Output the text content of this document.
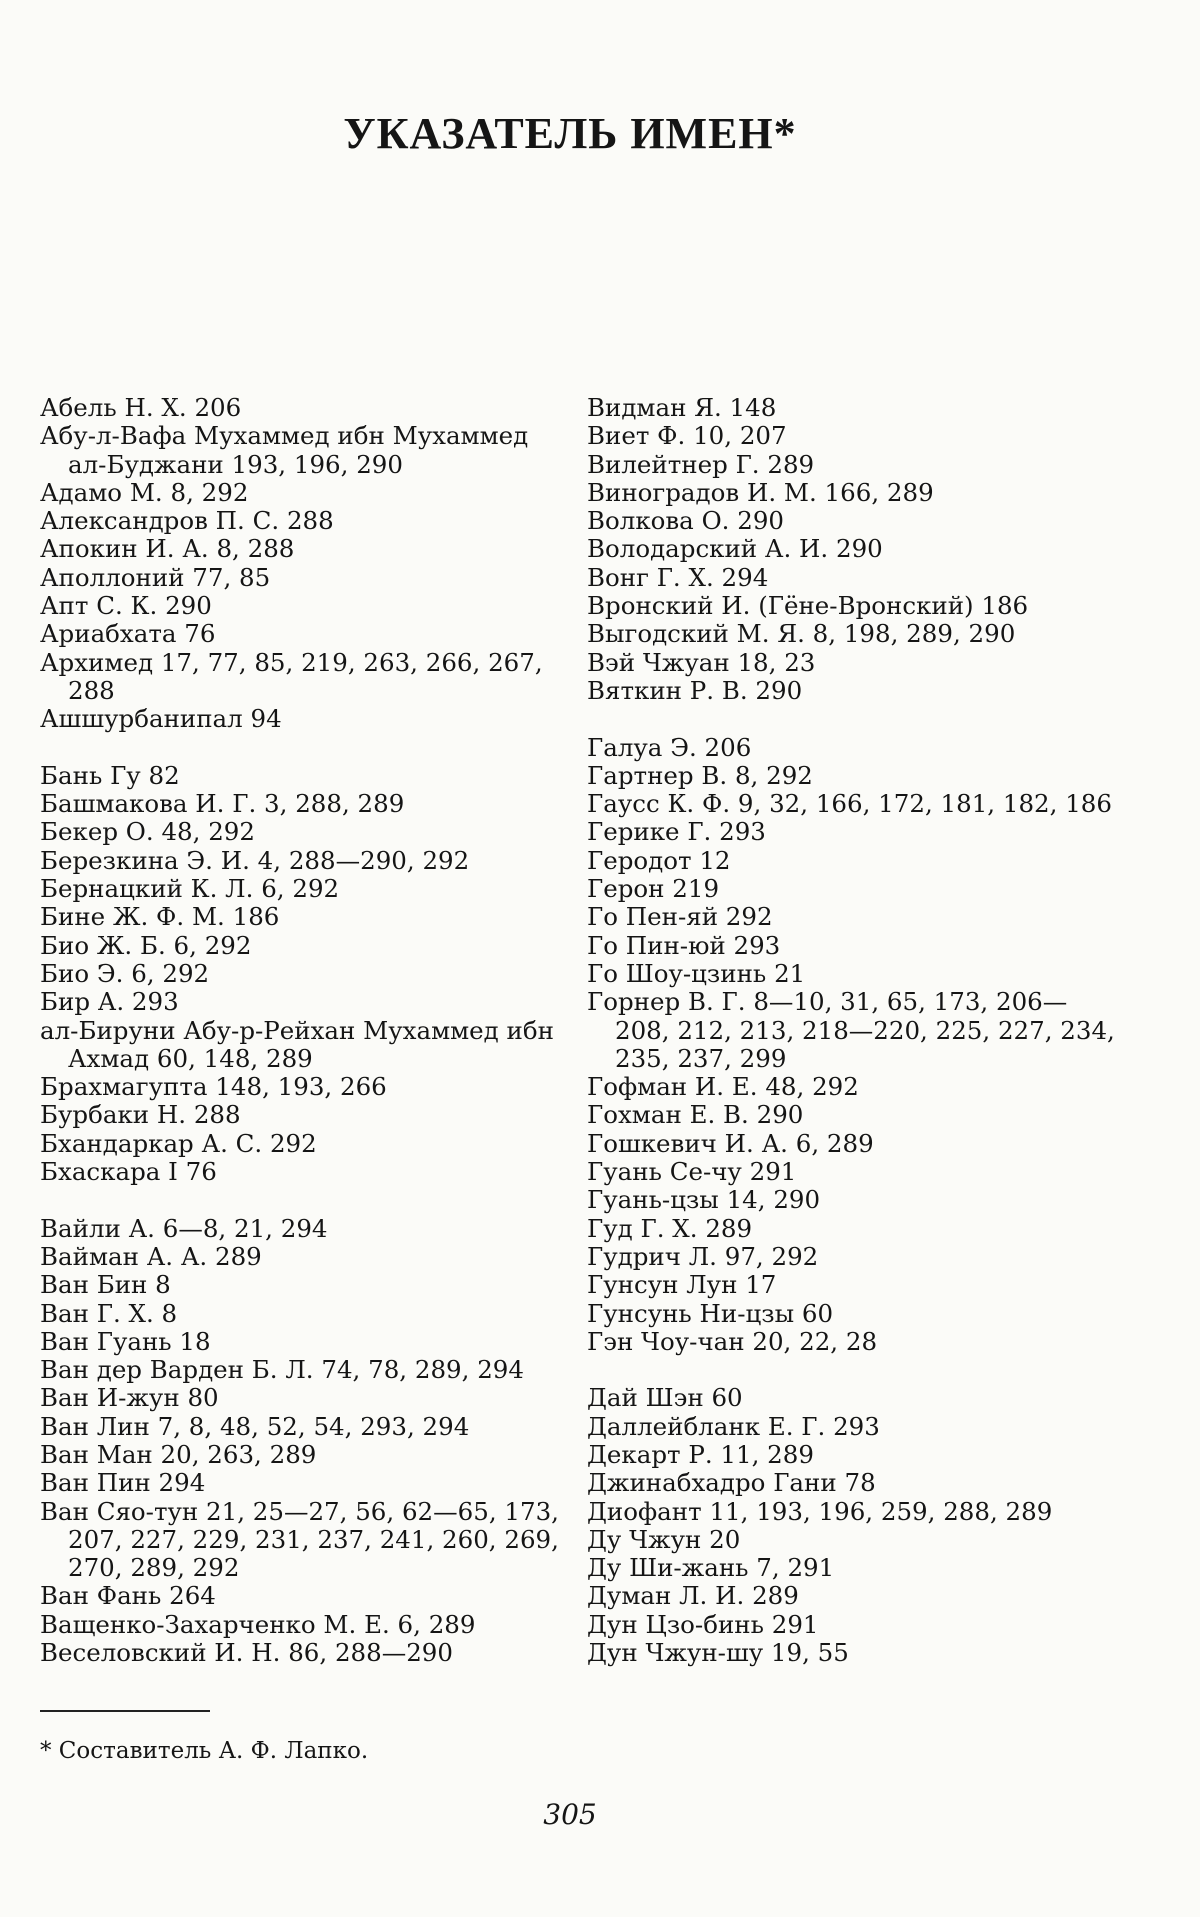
УКАЗАТЕЛЬ ИМЕН*
Абель Н. Х. 206
Абу-л-Вафа Мухаммед ибн Мухаммед ал-Буджани 193, 196, 290
Адамо М. 8, 292
Александров П. С. 288
Апокин И. А. 8, 288
Аполлоний 77, 85
Апт С. К. 290
Ариабхата 76
Архимед 17, 77, 85, 219, 263, 266, 267, 288
Ашшурбанипал 94
Бань Гу 82
Башмакова И. Г. 3, 288, 289
Бекер О. 48, 292
Березкина Э. И. 4, 288—290, 292
Бернацкий К. Л. 6, 292
Бине Ж. Ф. М. 186
Био Ж. Б. 6, 292
Био Э. 6, 292
Бир А. 293
ал-Бируни Абу-р-Рейхан Мухаммед ибн Ахмад 60, 148, 289
Брахмагупта 148, 193, 266
Бурбаки Н. 288
Бхандаркар А. С. 292
Бхаскара I 76
Вайли А. 6—8, 21, 294
Вайман А. А. 289
Ван Бин 8
Ван Г. Х. 8
Ван Гуань 18
Ван дер Варден Б. Л. 74, 78, 289, 294
Ван И-жун 80
Ван Лин 7, 8, 48, 52, 54, 293, 294
Ван Ман 20, 263, 289
Ван Пин 294
Ван Сяо-тун 21, 25—27, 56, 62—65, 173, 207, 227, 229, 231, 237, 241, 260, 269, 270, 289, 292
Ван Фань 264
Ващенко-Захарченко М. Е. 6, 289
Веселовский И. Н. 86, 288—290
Видман Я. 148
Виет Ф. 10, 207
Вилейтнер Г. 289
Виноградов И. М. 166, 289
Волкова О. 290
Володарский А. И. 290
Вонг Г. Х. 294
Вронский И. (Гёне-Вронский) 186
Выгодский М. Я. 8, 198, 289, 290
Вэй Чжуан 18, 23
Вяткин Р. В. 290
Галуа Э. 206
Гартнер В. 8, 292
Гаусс К. Ф. 9, 32, 166, 172, 181, 182, 186
Герике Г. 293
Геродот 12
Герон 219
Го Пен-яй 292
Го Пин-юй 293
Го Шоу-цзинь 21
Горнер В. Г. 8—10, 31, 65, 173, 206—208, 212, 213, 218—220, 225, 227, 234, 235, 237, 299
Гофман И. Е. 48, 292
Гохман Е. В. 290
Гошкевич И. А. 6, 289
Гуань Се-чу 291
Гуань-цзы 14, 290
Гуд Г. Х. 289
Гудрич Л. 97, 292
Гунсун Лун 17
Гунсунь Ни-цзы 60
Гэн Чоу-чан 20, 22, 28
Дай Шэн 60
Даллейбланк Е. Г. 293
Декарт Р. 11, 289
Джинабхадро Гани 78
Диофант 11, 193, 196, 259, 288, 289
Ду Чжун 20
Ду Ши-жань 7, 291
Думан Л. И. 289
Дун Цзо-бинь 291
Дун Чжун-шу 19, 55
* Составитель А. Ф. Лапко.
305
